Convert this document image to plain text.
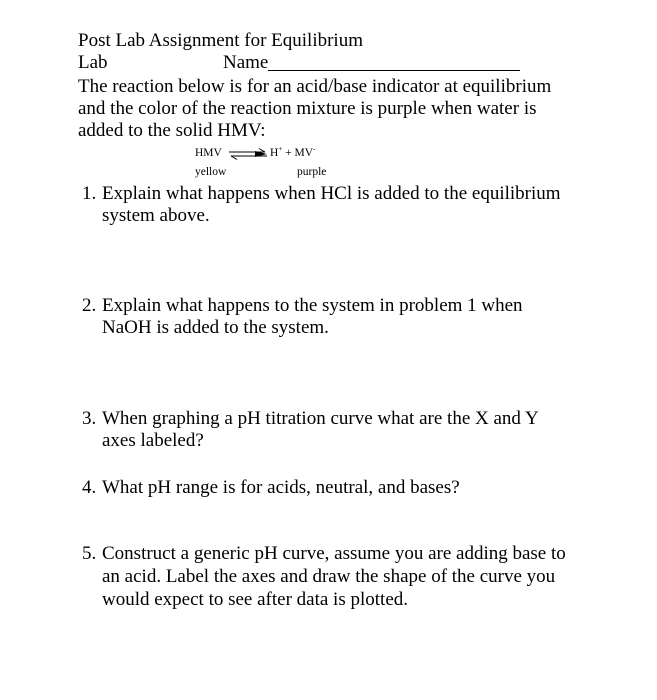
Post Lab Assignment for Equilibrium
Lab	Name
The reaction below is for an acid/base indicator at equilibrium
and the color of the reaction mixture is purple when water is
added to the solid HMV:
HMV ⇌ H+ + MV-
yellow	purple
1. Explain what happens when HCl is added to the equilibrium
system above.
2. Explain what happens to the system in problem 1 when
NaOH is added to the system.
3. When graphing a pH titration curve what are the X and Y
axes labeled?
4. What pH range is for acids, neutral, and bases?
5. Construct a generic pH curve, assume you are adding base to
an acid. Label the axes and draw the shape of the curve you
would expect to see after data is plotted.
